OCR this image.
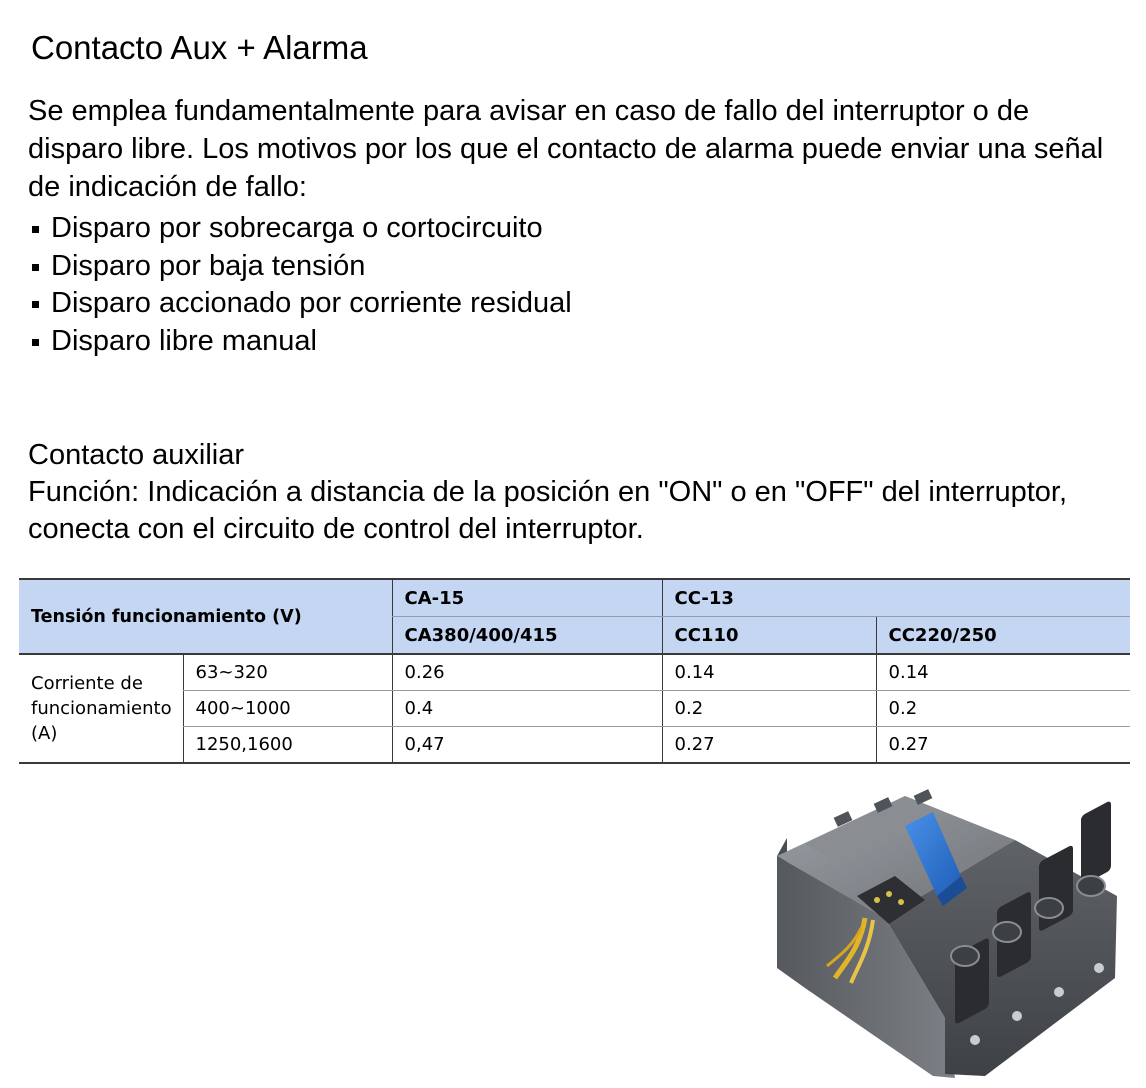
Contacto Aux + Alarma
Se emplea fundamentalmente para avisar en caso de fallo del interruptor o de disparo libre. Los motivos por los que el contacto de alarma puede enviar una señal de indicación de fallo:
Disparo por sobrecarga o cortocircuito
Disparo por baja tensión
Disparo accionado por corriente residual
Disparo libre manual
Contacto auxiliar
Función: Indicación a distancia de la posición en "ON" o en "OFF" del interruptor, conecta con el circuito de control del interruptor.
Tensión funcionamiento (V)		CA-15	CC-13	
		CA380/400/415	CC110	CC220/250
Corriente de funcionamiento (A)	63~320	0.26	0.14	0.14
	400~1000	0.4	0.2	0.2
	1250,1600	0,47	0.27	0.27
